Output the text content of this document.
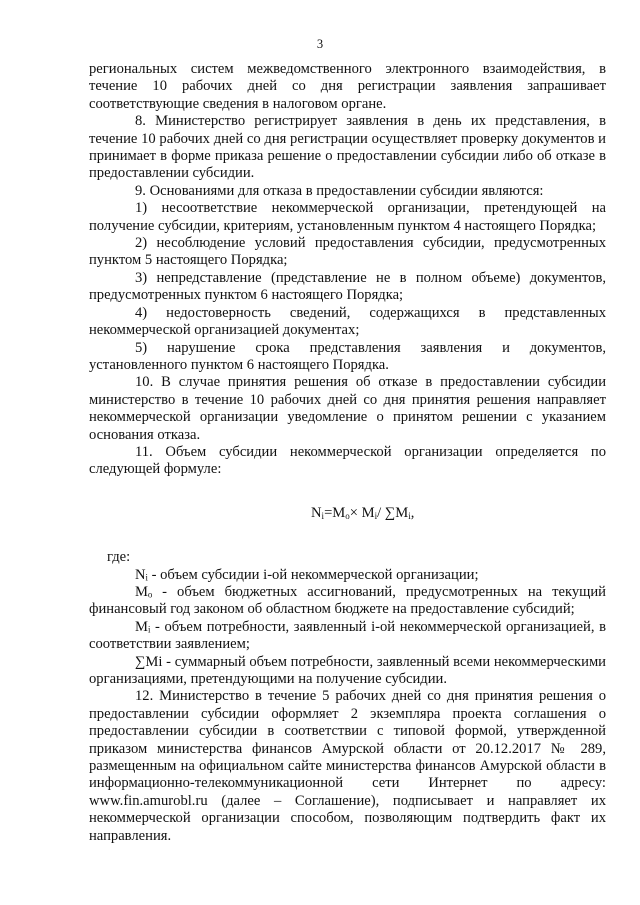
3

региональных систем межведомственного электронного взаимодействия, в течение 10 рабочих дней со дня регистрации заявления запрашивает соответствующие сведения в налоговом органе.

8. Министерство регистрирует заявления в день их представления, в течение 10 рабочих дней со дня регистрации осуществляет проверку документов и принимает в форме приказа решение о предоставлении субсидии либо об отказе в предоставлении субсидии.

9. Основаниями для отказа в предоставлении субсидии являются:

1) несоответствие некоммерческой организации, претендующей на получение субсидии, критериям, установленным пунктом 4 настоящего Порядка;

2) несоблюдение условий предоставления субсидии, предусмотренных пунктом 5 настоящего Порядка;

3) непредставление (представление не в полном объеме) документов, предусмотренных пунктом 6 настоящего Порядка;

4) недостоверность сведений, содержащихся в представленных некоммерческой организацией документах;

5) нарушение срока представления заявления и документов, установленного пунктом 6 настоящего Порядка.

10. В случае принятия решения об отказе в предоставлении субсидии министерство в течение 10 рабочих дней со дня принятия решения направляет некоммерческой организации уведомление о принятом решении с указанием основания отказа.

11. Объем субсидии некоммерческой организации определяется по следующей формуле:

$N_i=M_o\times M_i/$ $\sum M_i$,

где:

Nᵢ - объем субсидии i-ой некоммерческой организации;

Mₒ - объем бюджетных ассигнований, предусмотренных на текущий финансовый год законом об областном бюджете на предоставление субсидий;

Mᵢ - объем потребности, заявленный i-ой некоммерческой организацией, в соответствии заявлением;

∑Mi - суммарный объем потребности, заявленный всеми некоммерческими организациями, претендующими на получение субсидии.

12. Министерство в течение 5 рабочих дней со дня принятия решения о предоставлении субсидии оформляет 2 экземпляра проекта соглашения о предоставлении субсидии в соответствии с типовой формой, утвержденной приказом министерства финансов Амурской области от 20.12.2017 № 289, размещенным на официальном сайте министерства финансов Амурской области в информационно-телекоммуникационной сети Интернет по адресу: www.fin.amurobl.ru (далее – Соглашение), подписывает и направляет их некоммерческой организации способом, позволяющим подтвердить факт их направления.
